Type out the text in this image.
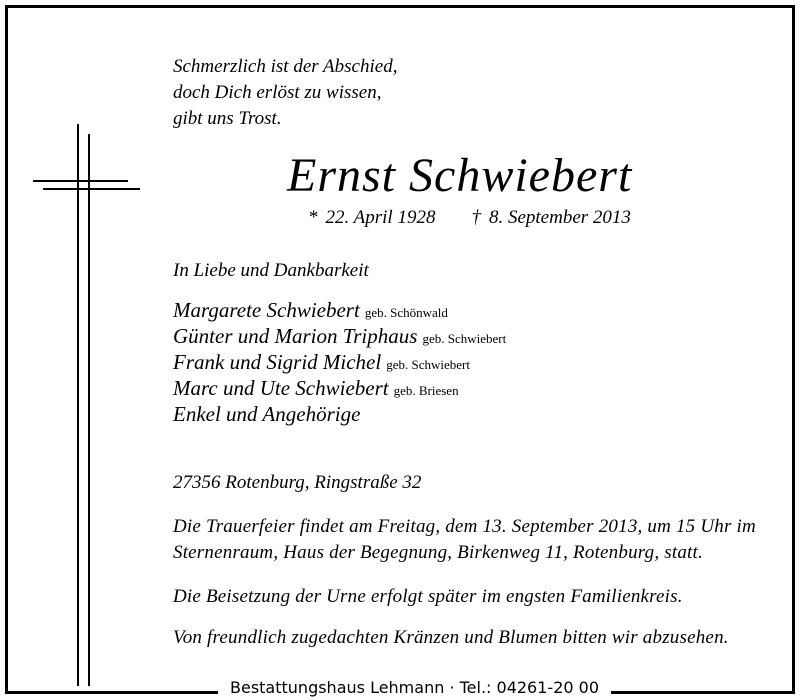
Schmerzlich ist der Abschied,
doch Dich erlöst zu wissen,
gibt uns Trost.
Ernst Schwiebert
* 22. April 1928 † 8. September 2013
In Liebe und Dankbarkeit
Margarete Schwiebert geb. Schönwald
Günter und Marion Triphaus geb. Schwiebert
Frank und Sigrid Michel geb. Schwiebert
Marc und Ute Schwiebert geb. Briesen
Enkel und Angehörige
27356 Rotenburg, Ringstraße 32
Die Trauerfeier findet am Freitag, dem 13. September 2013, um 15 Uhr im
Sternenraum, Haus der Begegnung, Birkenweg 11, Rotenburg, statt.
Die Beisetzung der Urne erfolgt später im engsten Familienkreis.
Von freundlich zugedachten Kränzen und Blumen bitten wir abzusehen.
Bestattungshaus Lehmann · Tel.: 04261-20 00
